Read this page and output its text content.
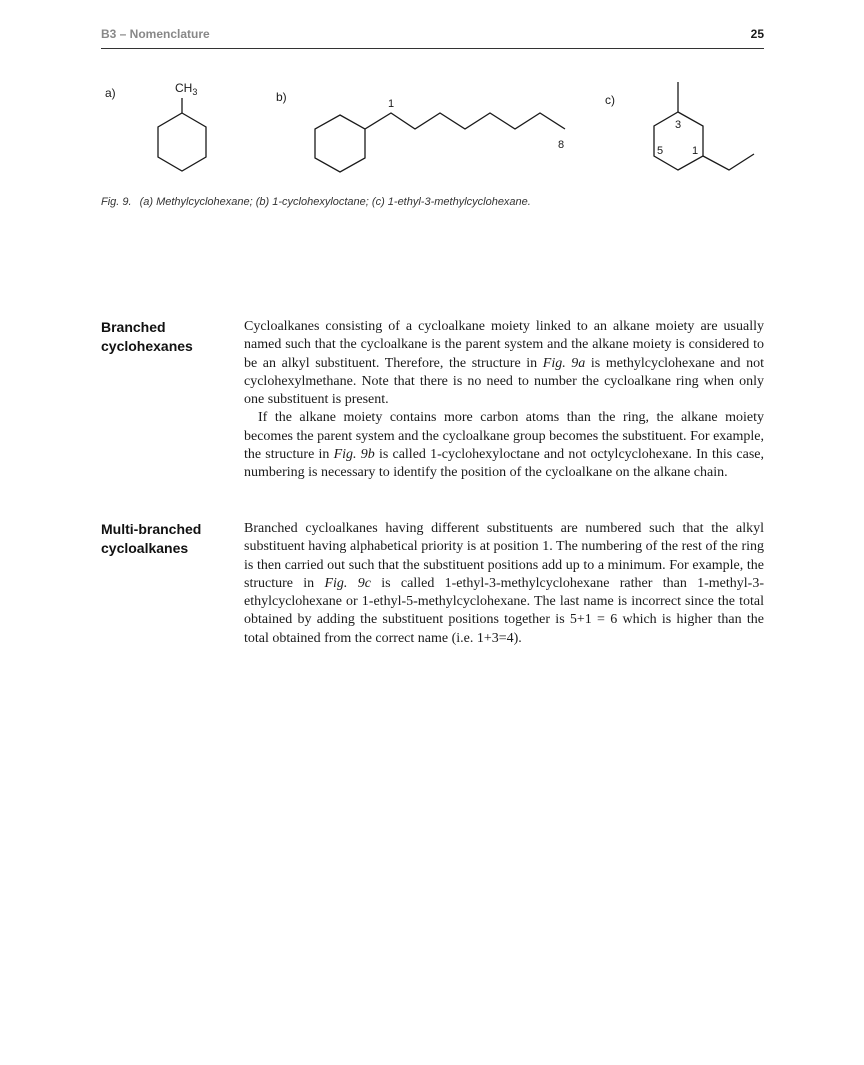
B3 – Nomenclature	25
a)	$CH_3$	b)	1
8
c)
3
5	1
Fig. 9. (a) Methylcyclohexane; (b) 1-cyclohexyloctane; (c) 1-ethyl-3-methylcyclohexane.
Branched
cyclohexanes

Cycloalkanes consisting of a cycloalkane moiety linked to an alkane moiety are usually named such that the cycloalkane is the parent system and the alkane moiety is considered to be an alkyl substituent. Therefore, the structure in Fig. 9a is methylcyclohexane and not cyclohexylmethane. Note that there is no need to number the cycloalkane ring when only one substituent is present.

If the alkane moiety contains more carbon atoms than the ring, the alkane moiety becomes the parent system and the cycloalkane group becomes the substituent. For example, the structure in Fig. 9b is called 1-cyclohexyloctane and not octylcyclohexane. In this case, numbering is necessary to identify the position of the cycloalkane on the alkane chain.

Multi-branched
cycloalkanes

Branched cycloalkanes having different substituents are numbered such that the alkyl substituent having alphabetical priority is at position 1. The numbering of the rest of the ring is then carried out such that the substituent positions add up to a minimum. For example, the structure in Fig. 9c is called 1-ethyl-3-methylcyclohexane rather than 1-methyl-3-ethylcyclohexane or 1-ethyl-5-methylcyclohexane. The last name is incorrect since the total obtained by adding the substituent positions together is 5+1 = 6 which is higher than the total obtained from the correct name (i.e. 1+3=4).
